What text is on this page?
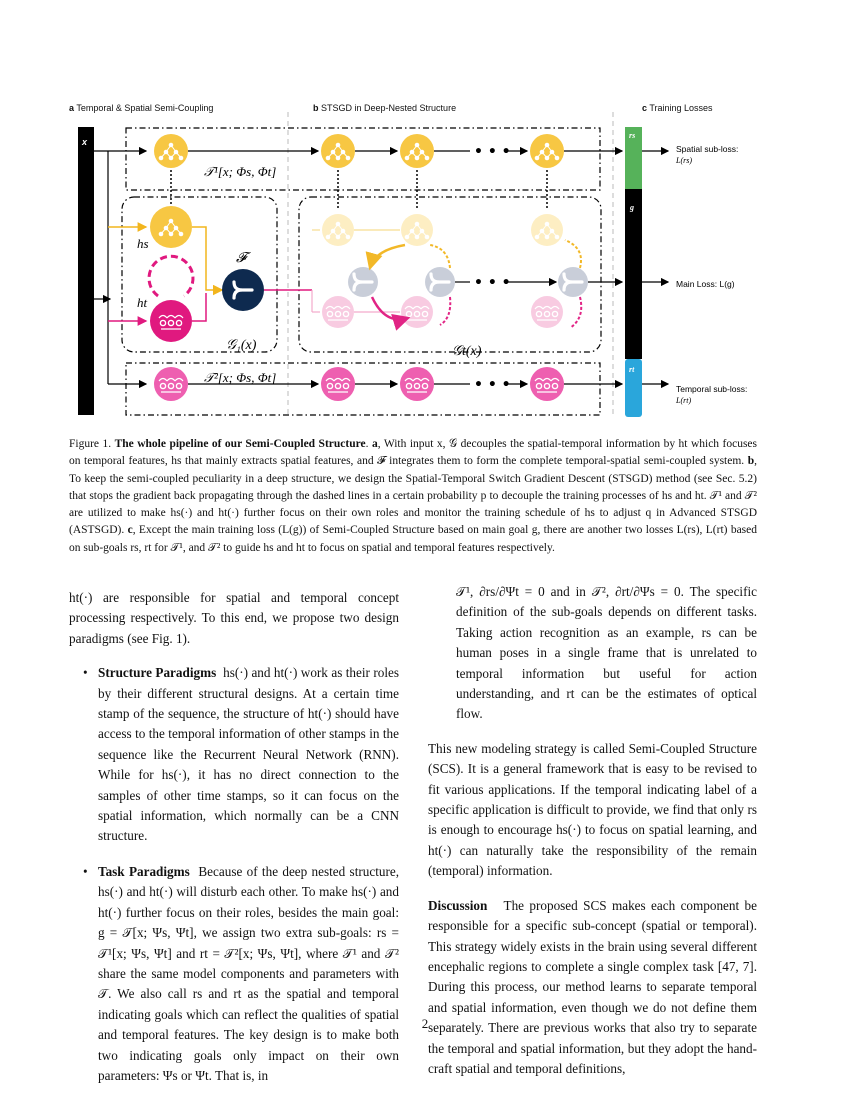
a Temporal & Spatial Semi-Coupling	b STSGD in Deep-Nested Structure	c Training Losses
x
• • •
𝒯¹[x; Φs, Φt]
hs
ht
𝓕
𝒢₁(x)
• • •
𝒢t(x)
• • •
𝒯²[x; Φs, Φt]
rs
g
rt
Spatial sub-loss:
L(rs)
Main Loss: L(g)
Temporal sub-loss:
L(rt)
Figure 1. The whole pipeline of our Semi-Coupled Structure. a, With input x, 𝒢 decouples the spatial-temporal information by ht which focuses on temporal features, hs that mainly extracts spatial features, and 𝓕 integrates them to form the complete temporal-spatial semi-coupled system. b, To keep the semi-coupled peculiarity in a deep structure, we design the Spatial-Temporal Switch Gradient Descent (STSGD) method (see Sec. 5.2) that stops the gradient back propagating through the dashed lines in a certain probability p to decouple the training processes of hs and ht. 𝒯¹ and 𝒯² are utilized to make hs(·) and ht(·) further focus on their own roles and monitor the training schedule of hs to adjust q in Advanced STSGD (ASTSGD). c, Except the main training loss (L(g)) of Semi-Coupled Structure based on main goal g, there are another two losses L(rs), L(rt) based on sub-goals rs, rt for 𝒯¹, and 𝒯² to guide hs and ht to focus on spatial and temporal features respectively.

ht(·) are responsible for spatial and temporal concept processing respectively. To this end, we propose two design paradigms (see Fig. 1).

• Structure Paradigms hs(·) and ht(·) work as their roles by their different structural designs. At a certain time stamp of the sequence, the structure of ht(·) should have access to the temporal information of other stamps in the sequence like the Recurrent Neural Network (RNN). While for hs(·), it has no direct connection to the samples of other time stamps, so it can focus on the spatial information, which normally can be a CNN structure.
• Task Paradigms Because of the deep nested structure, hs(·) and ht(·) will disturb each other. To make hs(·) and ht(·) further focus on their roles, besides the main goal: g = 𝒯[x; Ψs, Ψt], we assign two extra sub-goals: rs = 𝒯¹[x; Ψs, Ψt] and rt = 𝒯²[x; Ψs, Ψt], where 𝒯¹ and 𝒯² share the same model components and parameters with 𝒯. We also call rs and rt as the spatial and temporal indicating goals which can reflect the qualities of spatial and temporal features. The key design is to make both two indicating goals only impact on their own parameters: Ψs or Ψt. That is, in

𝒯¹, ∂rs/∂Ψt = 0 and in 𝒯², ∂rt/∂Ψs = 0. The specific definition of the sub-goals depends on different tasks. Taking action recognition as an example, rs can be human poses in a single frame that is unrelated to temporal information but useful for action understanding, and rt can be the estimates of optical flow.

This new modeling strategy is called Semi-Coupled Structure (SCS). It is a general framework that is easy to be revised to fit various applications. If the temporal indicating label of a specific application is difficult to provide, we find that only rs is enough to encourage hs(·) to focus on spatial learning, and ht(·) can naturally take the responsibility of the remain (temporal) information.

Discussion The proposed SCS makes each component be responsible for a specific sub-concept (spatial or temporal). This strategy widely exists in the brain using several different encephalic regions to complete a single complex task [47, 7]. During this process, our method learns to separate temporal and spatial information, even though we do not define them separately. There are previous works that also try to separate the temporal and spatial information, but they adopt the hand-craft spatial and temporal definitions,

2
